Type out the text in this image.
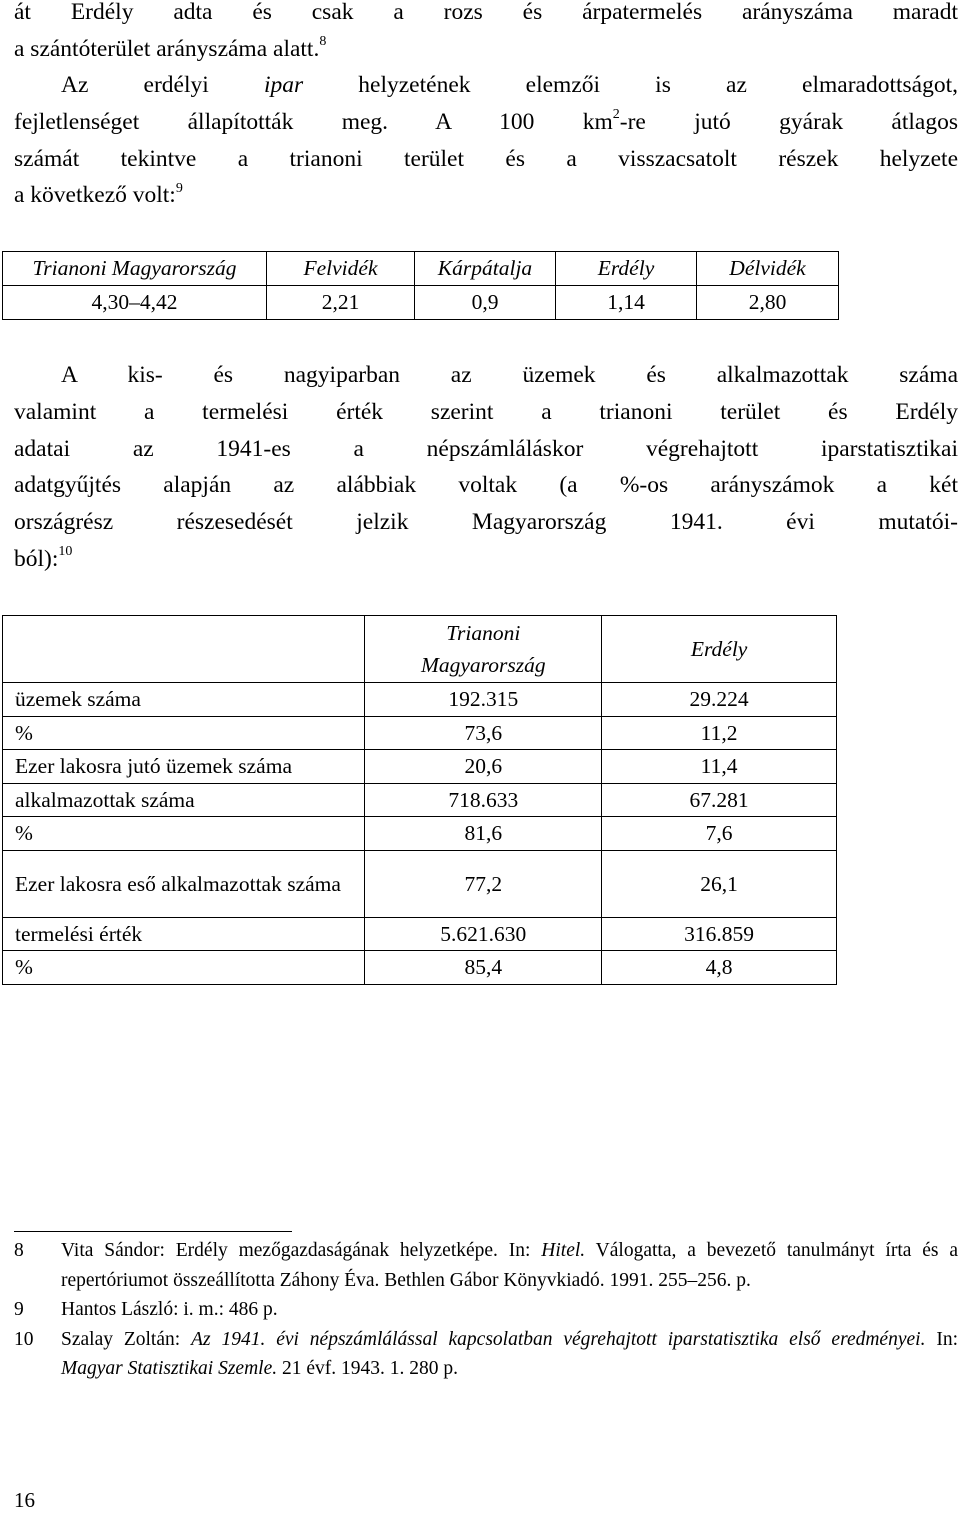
át Erdély adta és csak a rozs és árpatermelés arányszáma maradt
a szántóterület arányszáma alatt.$^8$
Az erdélyi ipar helyzetének elemzői is az elmaradottságot,
fejletlenséget állapították meg. A 100 $km^2-re$ jutó gyárak átlagos
számát tekintve a trianoni terület és a visszacsatolt részek helyzete
a következő volt:$^9$
Trianoni Magyarország	Felvidék	Kárpátalja	Erdély	Délvidék
4,30–4,42	2,21	0,9	1,14	2,80
A kis- és nagyiparban az üzemek és alkalmazottak száma
valamint a termelési érték szerint a trianoni terület és Erdély
adatai az 1941-es a népszámláláskor végrehajtott iparstatisztikai
adatgyűjtés alapján az alábbiak voltak (a %-os arányszámok a két
országrész részesedését jelzik Magyarország 1941. évi mutatói-
ból):$^{10}$
	Trianoni Magyarország	Erdély
üzemek száma	192.315	29.224
%	73,6	11,2
Ezer lakosra jutó üzemek száma	20,6	11,4
alkalmazottak száma	718.633	67.281
%	81,6	7,6
Ezer lakosra eső alkalmazottak száma	77,2	26,1
termelési érték	5.621.630	316.859
%	85,4	4,8
8 Vita Sándor: Erdély mezőgazdaságának helyzetképe. In: Hitel. Válogatta, a bevezető tanulmányt írta és a repertóriumot összeállította Záhony Éva. Bethlen Gábor Könyvkiadó. 1991. 255–256. p.
9 Hantos László: i. m.: 486 p.
10 Szalay Zoltán: Az 1941. évi népszámlálással kapcsolatban végrehajtott iparstatisztika első eredményei. In: Magyar Statisztikai Szemle. 21 évf. 1943. 1. 280 p.
16
